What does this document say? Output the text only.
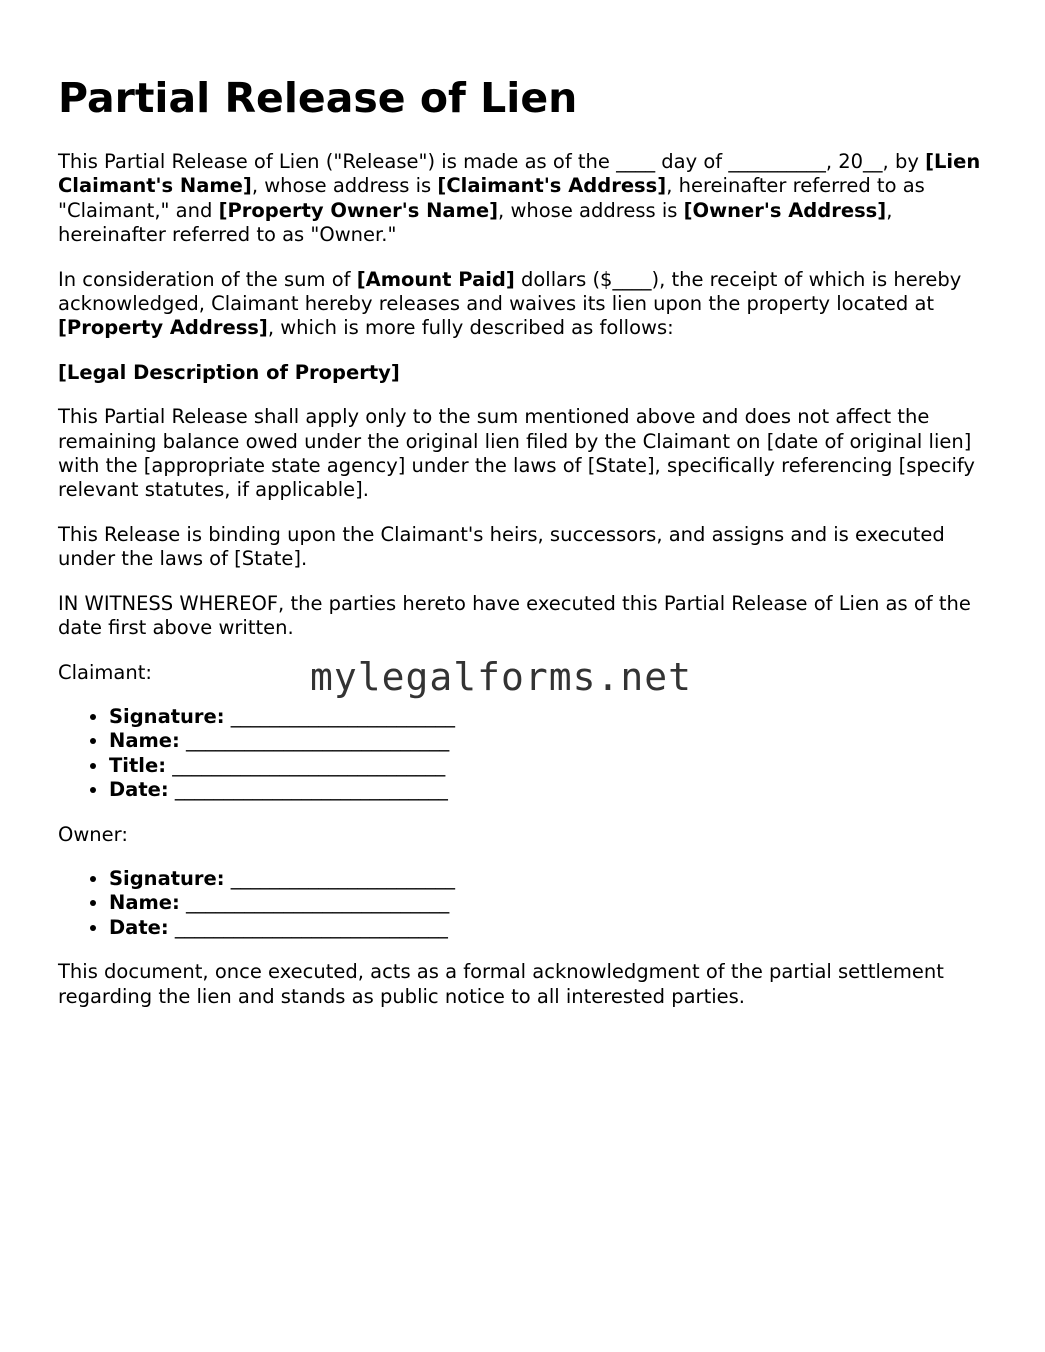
Partial Release of Lien

This Partial Release of Lien ("Release") is made as of the ____ day of __________, 20__, by [Lien Claimant's Name], whose address is [Claimant's Address], hereinafter referred to as "Claimant," and [Property Owner's Name], whose address is [Owner's Address], hereinafter referred to as "Owner."

In consideration of the sum of [Amount Paid] dollars ($____), the receipt of which is hereby acknowledged, Claimant hereby releases and waives its lien upon the property located at [Property Address], which is more fully described as follows:

[Legal Description of Property]

This Partial Release shall apply only to the sum mentioned above and does not affect the remaining balance owed under the original lien filed by the Claimant on [date of original lien] with the [appropriate state agency] under the laws of [State], specifically referencing [specify relevant statutes, if applicable].

This Release is binding upon the Claimant's heirs, successors, and assigns and is executed under the laws of [State].

IN WITNESS WHEREOF, the parties hereto have executed this Partial Release of Lien as of the date first above written.

Claimant:

• Signature: _______________________
• Name: ___________________________
• Title: ____________________________
• Date: ____________________________

Owner:

• Signature: _______________________
• Name: ___________________________
• Date: ____________________________

This document, once executed, acts as a formal acknowledgment of the partial settlement regarding the lien and stands as public notice to all interested parties.

mylegalforms.net
